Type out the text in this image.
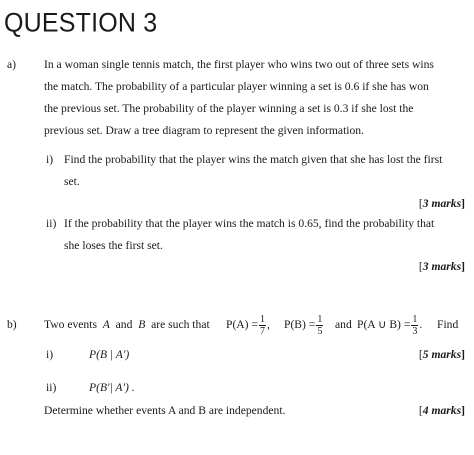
QUESTION 3
a) In a woman single tennis match, the first player who wins two out of three sets wins
the match. The probability of a particular player winning a set is 0.6 if she has won
the previous set. The probability of the player winning a set is 0.3 if she lost the
previous set. Draw a tree diagram to represent the given information.
i) Find the probability that the player wins the match given that she has lost the first
set.
[3 marks]
ii) If the probability that the player wins the match is 0.65, find the probability that
she loses the first set.
[3 marks]
b) Two events A and B are such that $P(A) = \frac{1}{7}$ , $P(B) = \frac{1}{5}$ and P(A ∪ $B) = \frac{1}{3}$ . Find
i)	P(B | A')	[5 marks]
ii)	P(B'| A') .
Determine whether events A and B are independent.	[4 marks]
